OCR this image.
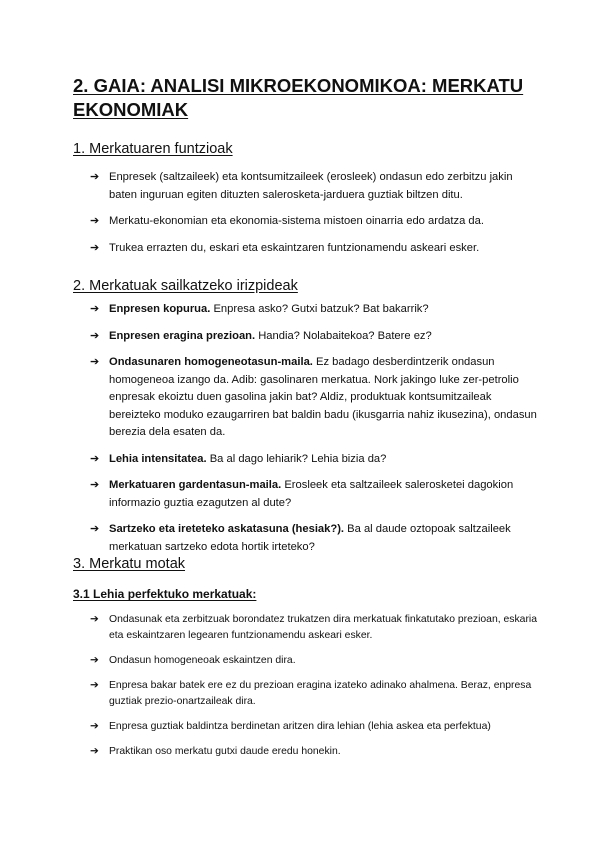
2. GAIA: ANALISI MIKROEKONOMIKOA: MERKATU EKONOMIAK
1. Merkatuaren funtzioak
➔ Enpresek (saltzaileek) eta kontsumitzaileek (erosleek) ondasun edo zerbitzu jakin baten inguruan egiten dituzten salerosketa-jarduera guztiak biltzen ditu.
➔ Merkatu-ekonomian eta ekonomia-sistema mistoen oinarria edo ardatza da.
➔ Trukea errazten du, eskari eta eskaintzaren funtzionamendu askeari esker.
2. Merkatuak sailkatzeko irizpideak
➔ Enpresen kopurua. Enpresa asko? Gutxi batzuk? Bat bakarrik?
➔ Enpresen eragina prezioan. Handia? Nolabaitekoa? Batere ez?
➔ Ondasunaren homogeneotasun-maila. Ez badago desberdintzerik ondasun homogeneoa izango da. Adib: gasolinaren merkatua. Nork jakingo luke zer-petrolio enpresak ekoiztu duen gasolina jakin bat? Aldiz, produktuak kontsumitzaileak bereizteko moduko ezaugarriren bat baldin badu (ikusgarria nahiz ikusezina), ondasun berezia dela esaten da.
➔ Lehia intensitatea. Ba al dago lehiarik? Lehia bizia da?
➔ Merkatuaren gardentasun-maila. Erosleek eta saltzaileek salerosketei dagokion informazio guztia ezagutzen al dute?
➔ Sartzeko eta ireteteko askatasuna (hesiak?). Ba al daude oztopoak saltzaileek merkatuan sartzeko edota hortik irteteko?
3. Merkatu motak
3.1 Lehia perfektuko merkatuak:
➔ Ondasunak eta zerbitzuak borondatez trukatzen dira merkatuak finkatutako prezioan, eskaria eta eskaintzaren legearen funtzionamendu askeari esker.
➔ Ondasun homogeneoak eskaintzen dira.
➔ Enpresa bakar batek ere ez du prezioan eragina izateko adinako ahalmena. Beraz, enpresa guztiak prezio-onartzaileak dira.
➔ Enpresa guztiak baldintza berdinetan aritzen dira lehian (lehia askea eta perfektua)
➔ Praktikan oso merkatu gutxi daude eredu honekin.
